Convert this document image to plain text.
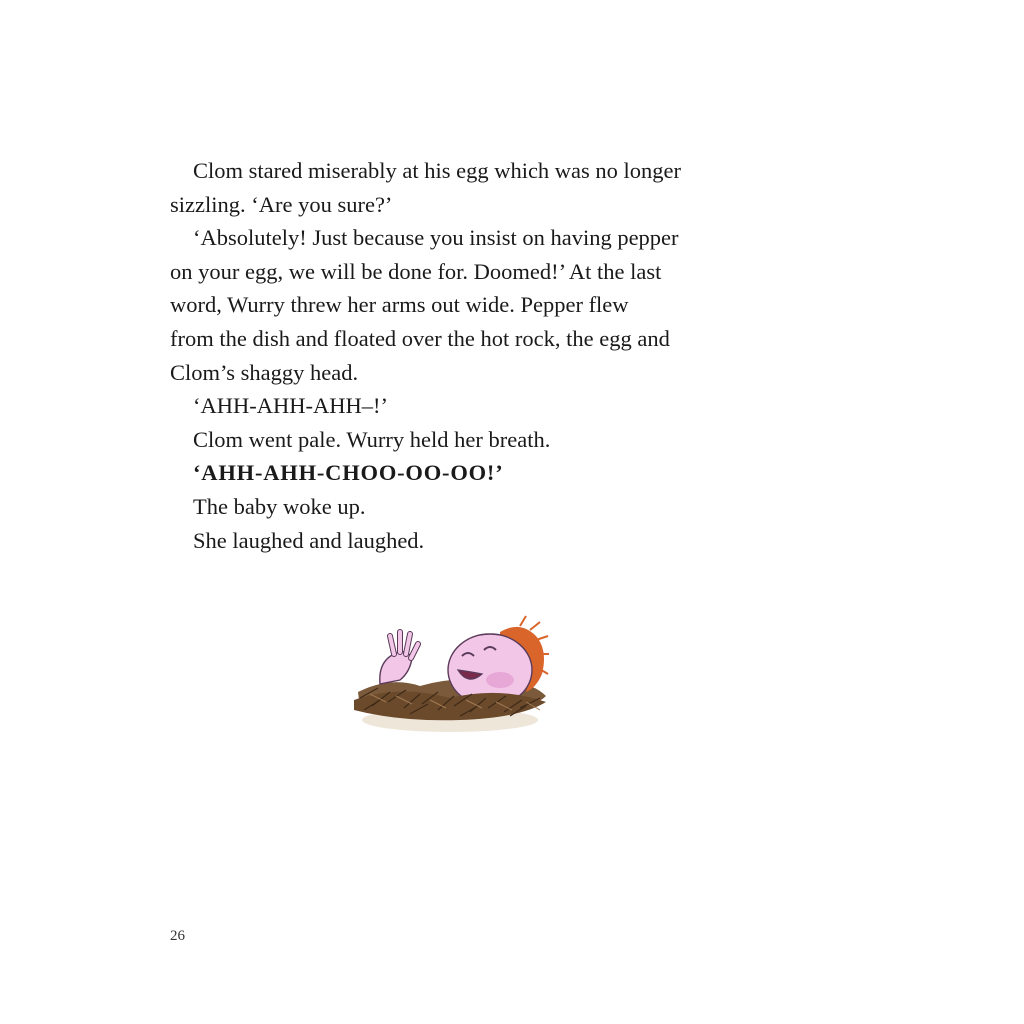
Clom stared miserably at his egg which was no longer

sizzling. ‘Are you sure?’

‘Absolutely! Just because you insist on having pepper

on your egg, we will be done for. Doomed!’ At the last

word, Wurry threw her arms out wide. Pepper flew

from the dish and floated over the hot rock, the egg and

Clom’s shaggy head.

‘AHH-AHH-AHH–!’

Clom went pale. Wurry held her breath.

‘AHH-AHH-CHOO-OO-OO!’

The baby woke up.

She laughed and laughed.

26
